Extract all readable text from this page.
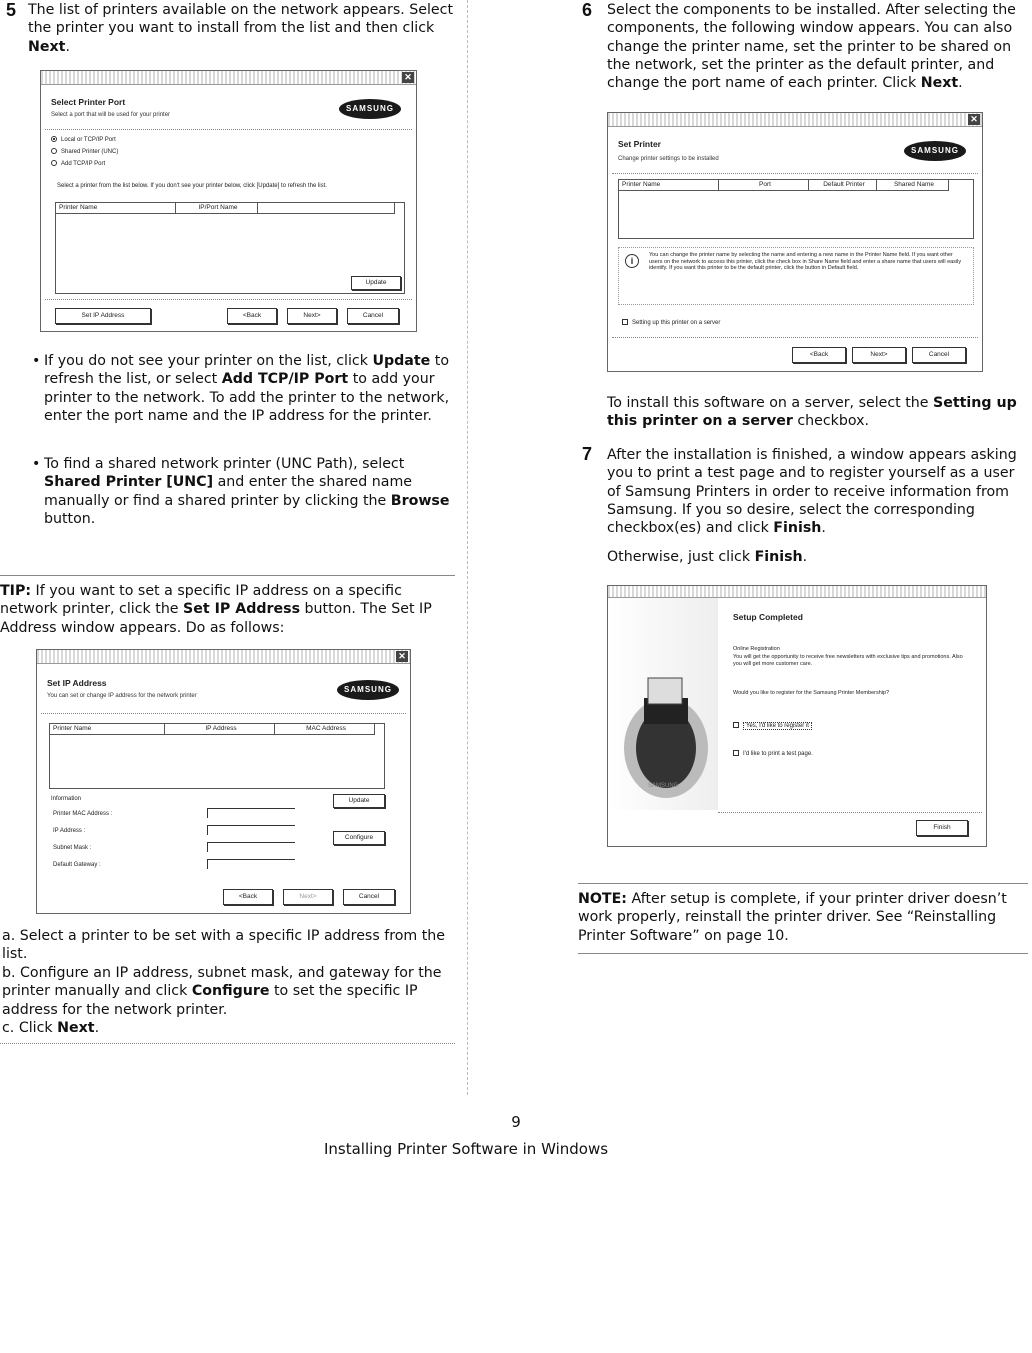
5 The list of printers available on the network appears. Select the printer you want to install from the list and then click Next.
✕
Select Printer Port
Select a port that will be used for your printer
SAMSUNG
Local or TCP/IP Port
Shared Printer (UNC)
Add TCP/IP Port
Select a printer from the list below. If you don't see your printer below, click [Update] to refresh the list.
Printer Name	IP/Port Name
Update
Set IP Address	<Back	Next>	Cancel
• If you do not see your printer on the list, click Update to refresh the list, or select Add TCP/IP Port to add your printer to the network. To add the printer to the network, enter the port name and the IP address for the printer.
• To find a shared network printer (UNC Path), select Shared Printer [UNC] and enter the shared name manually or find a shared printer by clicking the Browse button.
TIP: If you want to set a specific IP address on a specific network printer, click the Set IP Address button. The Set IP Address window appears. Do as follows:
✕
Set IP Address
You can set or change IP address for the network printer
SAMSUNG
Printer Name	IP Address	MAC Address
Information
Printer MAC Address :
IP Address :
Subnet Mask :
Default Gateway :
Update
Configure
<Back	Next>	Cancel
a. Select a printer to be set with a specific IP address from the list.
b. Configure an IP address, subnet mask, and gateway for the printer manually and click Configure to set the specific IP address for the network printer.
c. Click Next.
6 Select the components to be installed. After selecting the components, the following window appears. You can also change the printer name, set the printer to be shared on the network, set the printer as the default printer, and change the port name of each printer. Click Next.
✕
Set Printer
Change printer settings to be installed
SAMSUNG
Printer Name	Port	Default Printer	Shared Name
i
You can change the printer name by selecting the name and entering a new name in the Printer Name field. If you want other users on the network to access this printer, click the check box in Share Name field and enter a share name that users will easily identify. If you want this printer to be the default printer, click the button in Default field.
Setting up this printer on a server
<Back	Next>	Cancel
To install this software on a server, select the Setting up this printer on a server checkbox.
7 After the installation is finished, a window appears asking you to print a test page and to register yourself as a user of Samsung Printers in order to receive information from Samsung. If you so desire, select the corresponding checkbox(es) and click Finish.
Otherwise, just click Finish.
SAMSUNG
Setup Completed
Online Registration
You will get the opportunity to receive free newsletters with exclusive tips and promotions. Also you will get more customer care.
Would you like to register for the Samsung Printer Membership?
Yes, I'd like to register it
I'd like to print a test page.
Finish
NOTE: After setup is complete, if your printer driver doesn’t work properly, reinstall the printer driver. See “Reinstalling Printer Software” on page 10.
9
Installing Printer Software in Windows
